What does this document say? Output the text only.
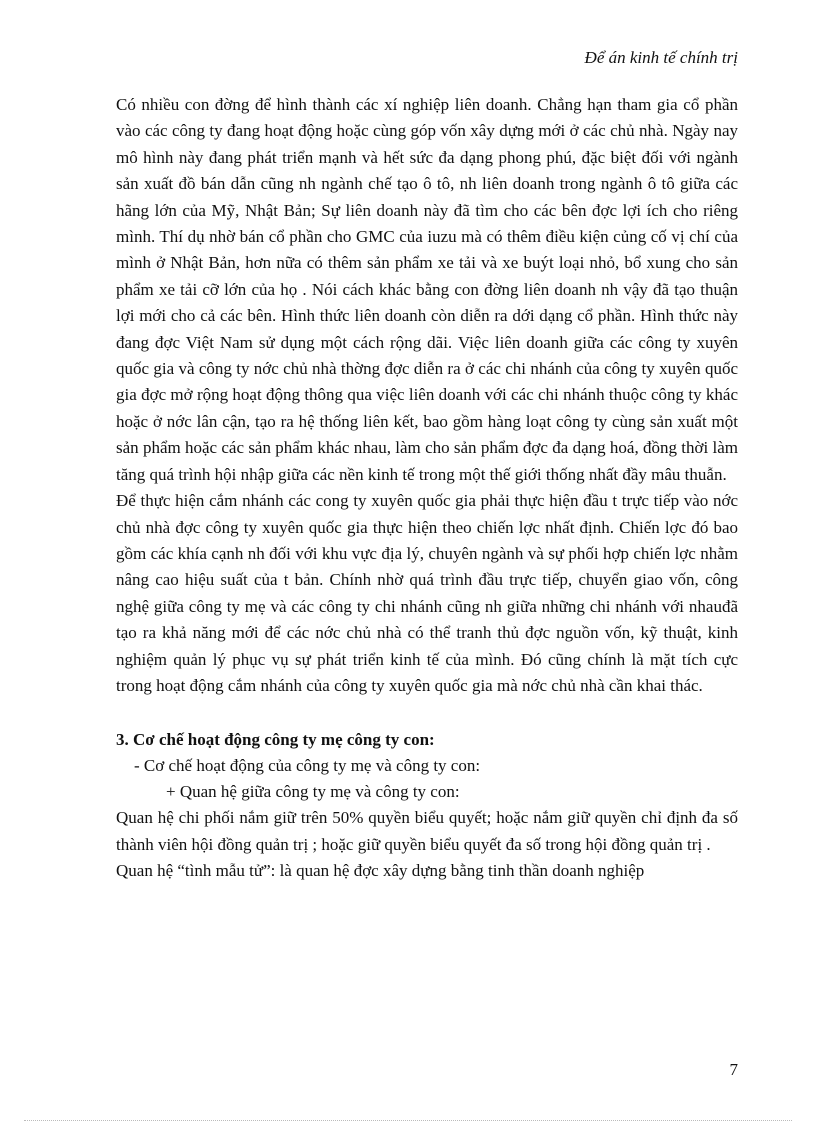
Để án kinh tế chính trị

Có nhiều con đờng để hình thành các xí nghiệp liên doanh. Chẳng hạn tham gia cổ phần vào các công ty đang hoạt động hoặc cùng góp vốn xây dựng mới ở các chủ nhà. Ngày nay mô hình này đang phát triển mạnh và hết sức đa dạng phong phú, đặc biệt đối với ngành sản xuất đồ bán dẫn cũng nh ngành chế tạo ô tô, nh liên doanh trong ngành ô tô giữa các hãng lớn của Mỹ, Nhật Bản; Sự liên doanh này đã tìm cho các bên đợc lợi ích cho riêng mình. Thí dụ nhờ bán cổ phần cho GMC của iuzu mà có thêm điều kiện củng cố vị chí của mình ở Nhật Bản, hơn nữa có thêm sản phẩm xe tải và xe buýt loại nhỏ, bổ xung cho sản phẩm xe tải cỡ lớn của họ . Nói cách khác bằng con đờng liên doanh nh vậy đã tạo thuận lợi mới cho cả các bên. Hình thức liên doanh còn diễn ra dới dạng cổ phần. Hình thức này đang đợc Việt Nam sử dụng một cách rộng dãi. Việc liên doanh giữa các công ty xuyên quốc gia và công ty nớc chủ nhà thờng đợc diễn ra ở các chi nhánh của công ty xuyên quốc gia đợc mở rộng hoạt động thông qua việc liên doanh với các chi nhánh thuộc công ty khác hoặc ở nớc lân cận, tạo ra hệ thống liên kết, bao gồm hàng loạt công ty cùng sản xuất một sản phẩm hoặc các sản phẩm khác nhau, làm cho sản phẩm đợc đa dạng hoá, đồng thời làm tăng quá trình hội nhập giữa các nền kinh tế trong một thế giới thống nhất đầy mâu thuẫn.

Để thực hiện cắm nhánh các cong ty xuyên quốc gia phải thực hiện đầu t trực tiếp vào nớc chủ nhà đợc công ty xuyên quốc gia thực hiện theo chiến lợc nhất định. Chiến lợc đó bao gồm các khía cạnh nh đối với khu vực địa lý, chuyên ngành và sự phối hợp chiến lợc nhằm nâng cao hiệu suất của t bản. Chính nhờ quá trình đầu trực tiếp, chuyển giao vốn, công nghệ giữa công ty mẹ và các công ty chi nhánh cũng nh giữa những chi nhánh với nhauđã tạo ra khả năng mới để các nớc chủ nhà có thể tranh thủ đợc nguồn vốn, kỹ thuật, kinh nghiệm quản lý phục vụ sự phát triển kinh tế của mình. Đó cũng chính là mặt tích cực trong hoạt động cắm nhánh của công ty xuyên quốc gia mà nớc chủ nhà cần khai thác.

3. Cơ chế hoạt động công ty mẹ công ty con:
- Cơ chế hoạt động của công ty mẹ và công ty con:
+ Quan hệ giữa công ty mẹ và công ty con:

Quan hệ chi phối nắm giữ trên 50% quyền biểu quyết; hoặc nắm giữ quyền chỉ định đa số thành viên hội đồng quản trị ; hoặc giữ quyền biểu quyết đa số trong hội đồng quản trị .

Quan hệ “tình mẫu tử”: là quan hệ đợc xây dựng bằng tinh thần doanh nghiệp

7
